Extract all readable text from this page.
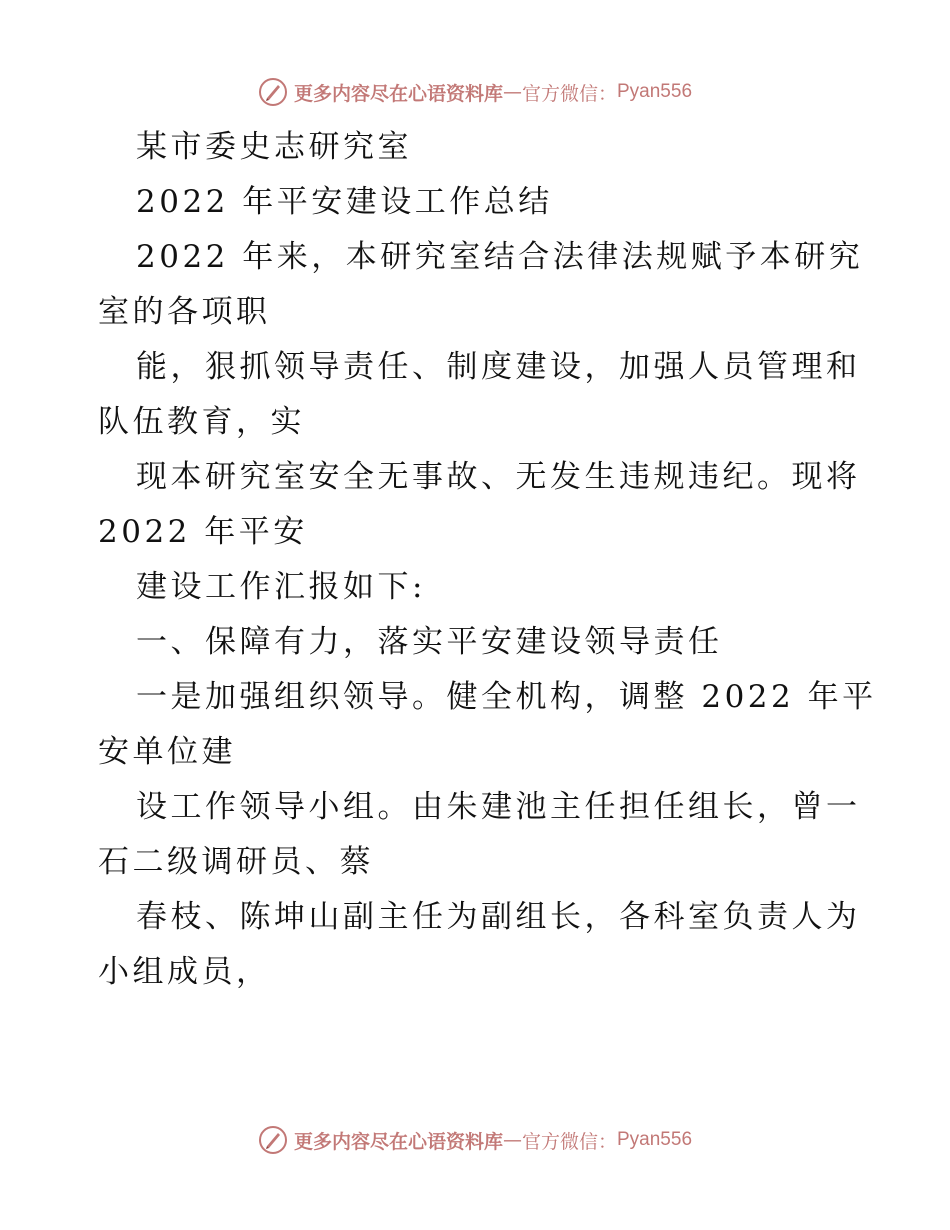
更多内容尽在心语资料库 — 官方微信： Pyan556
某市委史志研究室
2022 年平安建设工作总结
2022 年来，本研究室结合法律法规赋予本研究
室的各项职
能，狠抓领导责任、制度建设，加强人员管理和
队伍教育，实
现本研究室安全无事故、无发生违规违纪。现将
2022 年平安
建设工作汇报如下:
一、保障有力，落实平安建设领导责任
一是加强组织领导。健全机构，调整 2022 年平
安单位建
设工作领导小组。由朱建池主任担任组长，曾一
石二级调研员、蔡
春枝、陈坤山副主任为副组长，各科室负责人为
小组成员，
更多内容尽在心语资料库 — 官方微信： Pyan556
